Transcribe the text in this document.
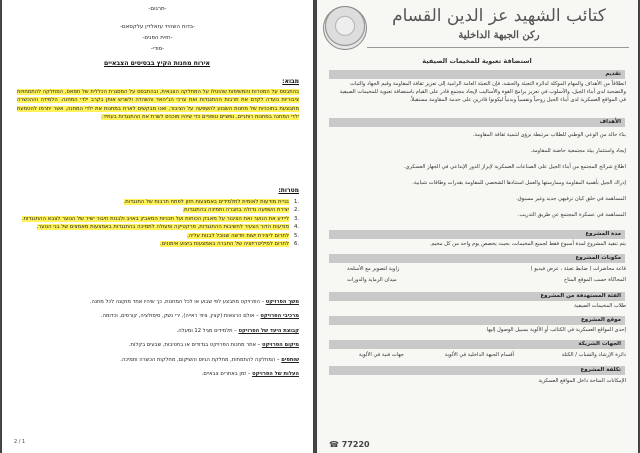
-תרגום-
-בדוח השהיד עזאלדין עלקסאם-
-חזית הפנים-
-סודי-
אירוח מחנות הקיץ בבסיסים הצבאיים
מבוא:
בהתבסס על המטרות והמשימות שהוטלו על המחלקה הצבאית, ובהתבסס על המסגרת הכללית של חמאס, המחלקה להתמחויות ציבוריות נועדה לקדם את תרבות ההתנגדות ואת ערכי הג'יהאד והשהדה ולשרש אותן בקרב ילדי המחנה. הלמידה וההכשרה מתבצעת בתוכניות של מחנות השבוע להשפעה על הציבור, ואנו מבקשים לארח במחנות את ילדי המחנה, אשר יתרמו להטמעת ילדי המחנה במחנות רוחניים, נפשיים וגופניים כדי שיהיו מוכנים לשרת את ההתנגדות בעתיד.
מטרות:
.1בניית מודעות לאומית לתלמידים באמצעות חזון לפתח תרבות של התנגדות.
.2יצירת השפעה גדולה בחברה ותמיכה בהתנגדות.
.3ליידע את הנוער ואת הציבור על מאבק הכוחות ועל תכניות המאבק באויב ולבנות חיבור ישיר של הנוער לצבא ההתנגדות.
.4מודעות הדור הצעיר לחשיבות ההתנגדות, פרקטיקה ופעולה לתמיכה בהתנגדות באמצעות מאמצים של בני הנוער.
.5לתרום ליצירת ישות חדשה שנוכל לבנות עליה.
.6לתרום למיליטריזציה של החברה באמצעות ביצוע אימונים.
משך הפרויקט – הפרויקט מתבצע לפי שבוע או לכל המחנות, כך שיהיו אחד מוקצה לכל מחנה.
מרכיבי הפרויקט – אולם הרצאות (קצין, ציוד ראייה), ירי נשק, סימולציה, קורסים, וכדומה.
קבוצת היעד של הפרויקט – תלמידים מגיל 12 ומעלה.
מיקום הפרויקט – אתר מחנות הפרויקט בגדודים או בחטיבות, שבעים בקלות.
שותפים – המחלקה להתמחות, מחלקת הגיוס והשיקום, מחלקות הכשרה ותמיכה.
העלות של הפרויקט – זמן באתרים צבאיים.
2 / 1
كتائب الشهيد عز الدين القسام
ركن الجبهة الداخلية
استضافة تعبوية للمخيمات الصيفية
تقديم
انطلاقاً من الأهداف والمهام الموكلة لدائرة التعبئة والحشد، فإن التعبئة العامة الرامية إلى تعزيز ثقافة المقاومة وقيم الجهاد والثبات
والتضحية لدى أبناء الجيل، والأسلوب في تعزيز برامج القوة والأساليب لإيجاد مجتمع قادر على القيام باستضافة تعبوية للمخيمات الصيفية
في المواقع العسكرية لدى أبناء الجيل روحياً ونفسياً وبدنياً ليكونوا قادرين على خدمة المقاومة مستقبلاً.
الأهداف
بناء حالة من الوعي الوطني للطلاب مرتبطة برؤى لتنمية ثقافة المقاومة.
إيجاد واستثمار بيئة مجتمعية حاضنة للمقاومة.
اطلاع شرائح المجتمع من أبناء الجيل على الصناعات العسكرية لإبراز الدور الإبداعي في الجهاز العسكري.
إدراك الجيل بأهمية المقاومة وممارستها والعمل استنادها الشخصي للمقاومة بقدرات وطاقات شبابية.
المساهمة في خلق كيان ترفيهي جديد وغير مسبوق.
المساهمة في عسكرة المجتمع عن طريق التدريب.
مدة المشروع
يتم تنفيذ المشروع لمدة أسبوع فقط لجميع المخيمات، بحيث يخصص يوم واحد من كل مخيم.
مكونات المشروع
قاعة محاضرات ( ضابط تعبئة ، عرض فيديو )
زاوية لتصوير مع الأسلحة
المحاكاة حسب الموقع المتاح
ميدان الرماية والدورات
الفئة المستهدفة من المشروع
طلاب المخيمات الصيفية
موقع المشروع
إحدى المواقع العسكرية في الكتائب أو الألوية بسبيل الوصول إليها
الجهات الشريكة
دائرة الإرشاد والشباب / الكتلة
أقسام الجبهة الداخلية في الألوية
جهات فنية في الألوية
تكلفة المشروع
الإمكانات المتاحة داخل المواقع العسكرية
☎ 77220
